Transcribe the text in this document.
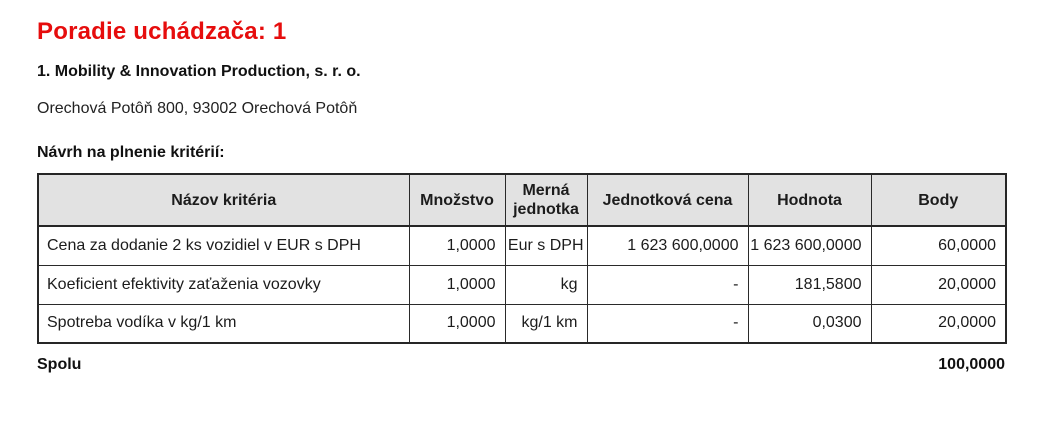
Poradie uchádzača: 1

1. Mobility & Innovation Production, s. r. o.

Orechová Potôň 800, 93002 Orechová Potôň

Návrh na plnenie kritérií:

Názov kritéria	Množstvo	Merná jednotka	Jednotková cena	Hodnota	Body
Cena za dodanie 2 ks vozidiel v EUR s DPH	1,0000	Eur s DPH	1 623 600,0000	1 623 600,0000	60,0000
Koeficient efektivity zaťaženia vozovky	1,0000	kg	-	181,5800	20,0000
Spotreba vodíka v kg/1 km	1,0000	kg/1 km	-	0,0300	20,0000
Spolu	100,0000
